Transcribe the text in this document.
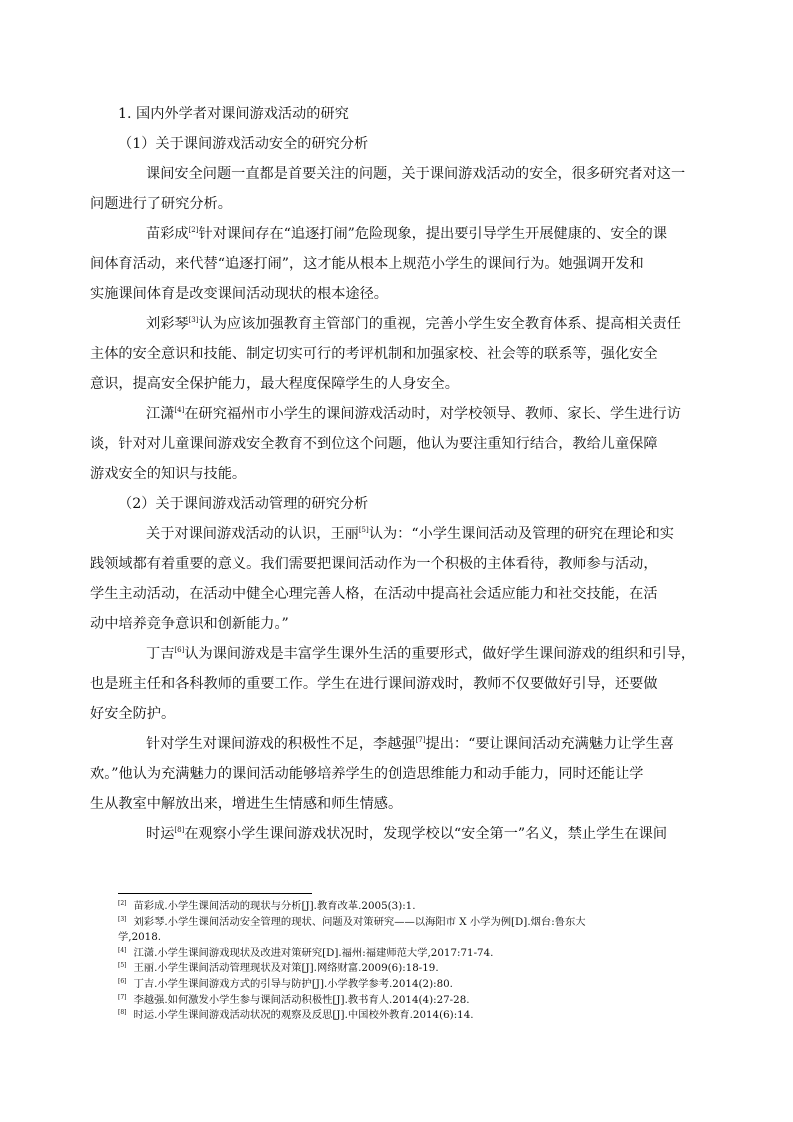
1. 国内外学者对课间游戏活动的研究

（1）关于课间游戏活动安全的研究分析

课间安全问题一直都是首要关注的问题，关于课间游戏活动的安全，很多研究者对这一
问题进行了研究分析。

苗彩成[2]针对课间存在“追逐打闹”危险现象，提出要引导学生开展健康的、安全的课
间体育活动，来代替“追逐打闹”，这才能从根本上规范小学生的课间行为。她强调开发和
实施课间体育是改变课间活动现状的根本途径。

刘彩琴[3]认为应该加强教育主管部门的重视，完善小学生安全教育体系、提高相关责任
主体的安全意识和技能、制定切实可行的考评机制和加强家校、社会等的联系等，强化安全
意识，提高安全保护能力，最大程度保障学生的人身安全。

江潇[4]在研究福州市小学生的课间游戏活动时，对学校领导、教师、家长、学生进行访
谈，针对对儿童课间游戏安全教育不到位这个问题，他认为要注重知行结合，教给儿童保障
游戏安全的知识与技能。

（2）关于课间游戏活动管理的研究分析

关于对课间游戏活动的认识，王丽[5]认为：“小学生课间活动及管理的研究在理论和实
践领域都有着重要的意义。我们需要把课间活动作为一个积极的主体看待，教师参与活动，
学生主动活动，在活动中健全心理完善人格，在活动中提高社会适应能力和社交技能，在活
动中培养竞争意识和创新能力。”

丁吉[6]认为课间游戏是丰富学生课外生活的重要形式，做好学生课间游戏的组织和引导，
也是班主任和各科教师的重要工作。学生在进行课间游戏时，教师不仅要做好引导，还要做
好安全防护。

针对学生对课间游戏的积极性不足，李越强[7]提出：“要让课间活动充满魅力让学生喜
欢。”他认为充满魅力的课间活动能够培养学生的创造思维能力和动手能力，同时还能让学
生从教室中解放出来，增进生生情感和师生情感。

时运[8]在观察小学生课间游戏状况时，发现学校以“安全第一”名义，禁止学生在课间

[2] 苗彩成.小学生课间活动的现状与分析[J].教育改革.2005(3):1.

[3] 刘彩琴.小学生课间活动安全管理的现状、问题及对策研究——以海阳市 X 小学为例[D].烟台:鲁东大

学,2018.

[4] 江潇.小学生课间游戏现状及改进对策研究[D].福州:福建师范大学,2017:71-74.

[5] 王丽.小学生课间活动管理现状及对策[J].网络财富.2009(6):18-19.

[6] 丁吉.小学生课间游戏方式的引导与防护[J].小学教学参考.2014(2):80.

[7] 李越强.如何激发小学生参与课间活动积极性[J].教书育人.2014(4):27-28.

[8] 时运.小学生课间游戏活动状况的观察及反思[J].中国校外教育.2014(6):14.
